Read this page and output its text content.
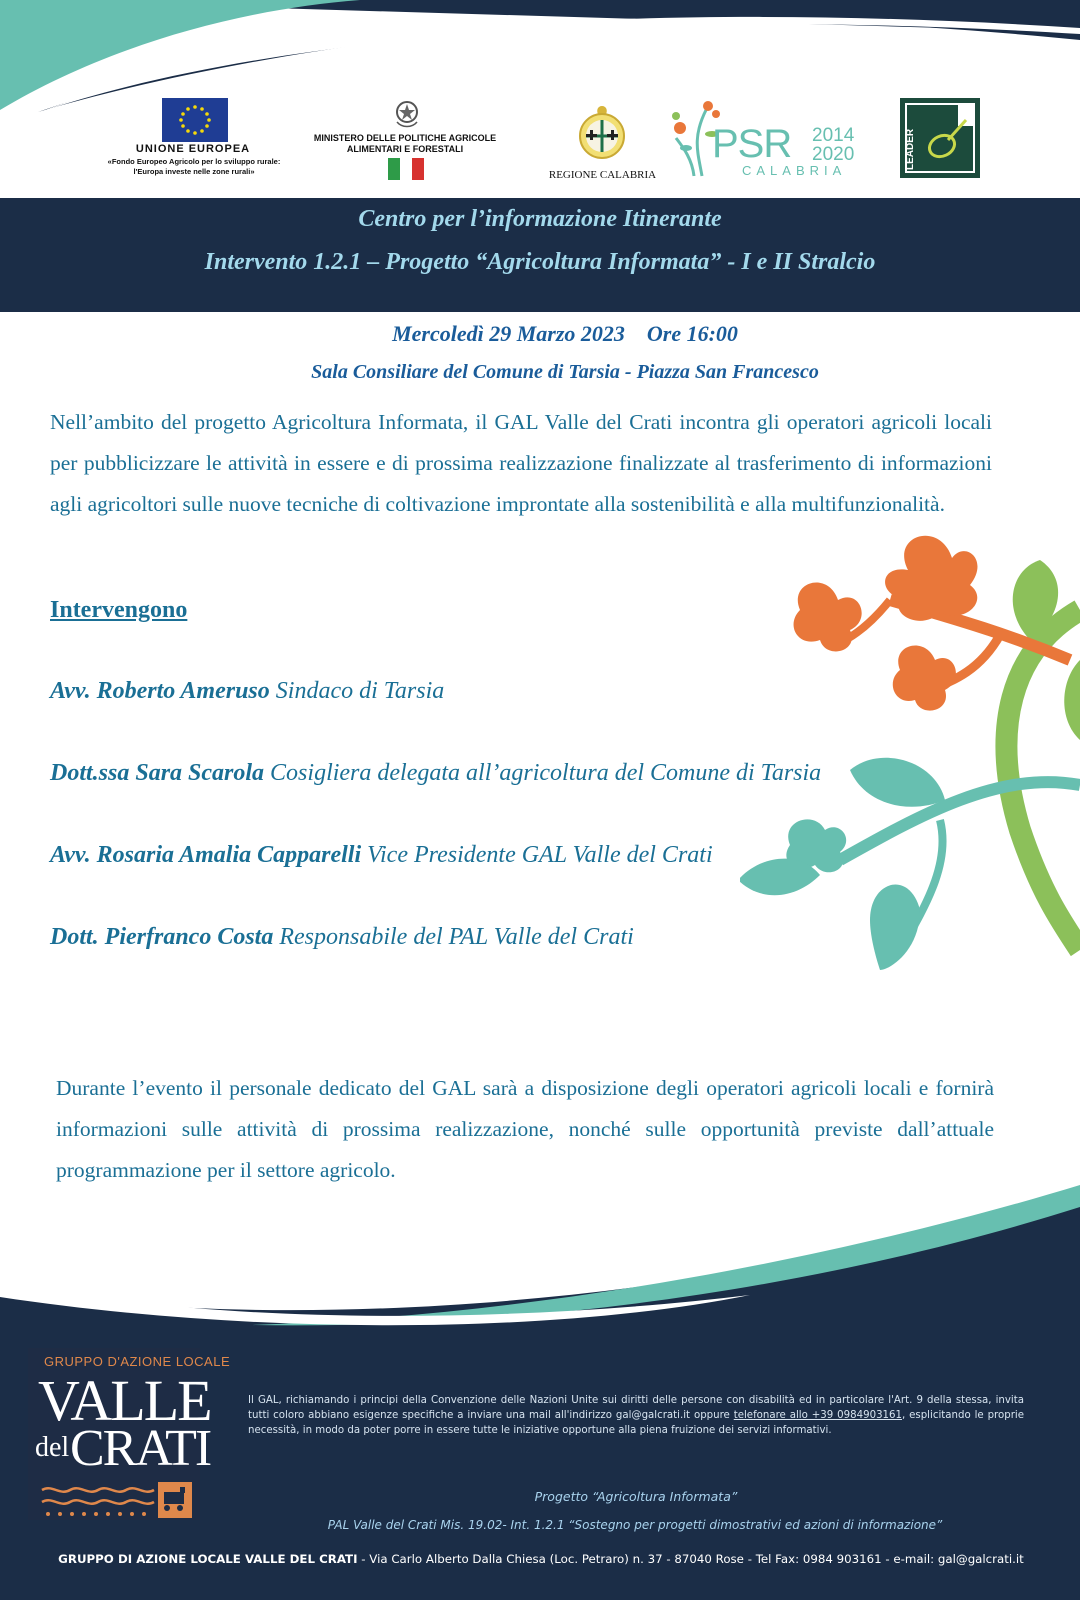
UNIONE EUROPEA
«Fondo Europeo Agricolo per lo sviluppo rurale:
l'Europa investe nelle zone rurali»
MINISTERO DELLE POLITICHE AGRICOLE
ALIMENTARI E FORESTALI
REGIONE CALABRIA
PSR 2014
2020
CALABRIA
LEADER
Centro per l’informazione Itinerante
Intervento 1.2.1 – Progetto “Agricoltura Informata” - I e II Stralcio
Mercoledì 29 Marzo 2023 Ore 16:00
Sala Consiliare del Comune di Tarsia - Piazza San Francesco
Nell’ambito del progetto Agricoltura Informata, il GAL Valle del Crati incontra gli operatori agricoli locali per pubblicizzare le attività in essere e di prossima realizzazione finalizzate al trasferimento di informazioni agli agricoltori sulle nuove tecniche di coltivazione improntate alla sostenibilità e alla multifunzionalità.
Intervengono
Avv. Roberto Ameruso Sindaco di Tarsia
Dott.ssa Sara Scarola Cosigliera delegata all’agricoltura del Comune di Tarsia
Avv. Rosaria Amalia Capparelli Vice Presidente GAL Valle del Crati
Dott. Pierfranco Costa Responsabile del PAL Valle del Crati
Durante l’evento il personale dedicato del GAL sarà a disposizione degli operatori agricoli locali e fornirà informazioni sulle attività di prossima realizzazione, nonché sulle opportunità previste dall’attuale programmazione per il settore agricolo.
GRUPPO D'AZIONE LOCALE
VALLE
del CRATI
Il GAL, richiamando i principi della Convenzione delle Nazioni Unite sui diritti delle persone con disabilità ed in particolare l'Art. 9 della stessa, invita tutti coloro abbiano esigenze specifiche a inviare una mail all'indirizzo gal@galcrati.it oppure telefonare allo +39 0984903161, esplicitando le proprie necessità, in modo da poter porre in essere tutte le iniziative opportune alla piena fruizione dei servizi informativi.
Progetto “Agricoltura Informata”
PAL Valle del Crati Mis. 19.02- Int. 1.2.1 “Sostegno per progetti dimostrativi ed azioni di informazione”
GRUPPO DI AZIONE LOCALE VALLE DEL CRATI - Via Carlo Alberto Dalla Chiesa (Loc. Petraro) n. 37 - 87040 Rose - Tel Fax: 0984 903161 - e-mail: gal@galcrati.it
